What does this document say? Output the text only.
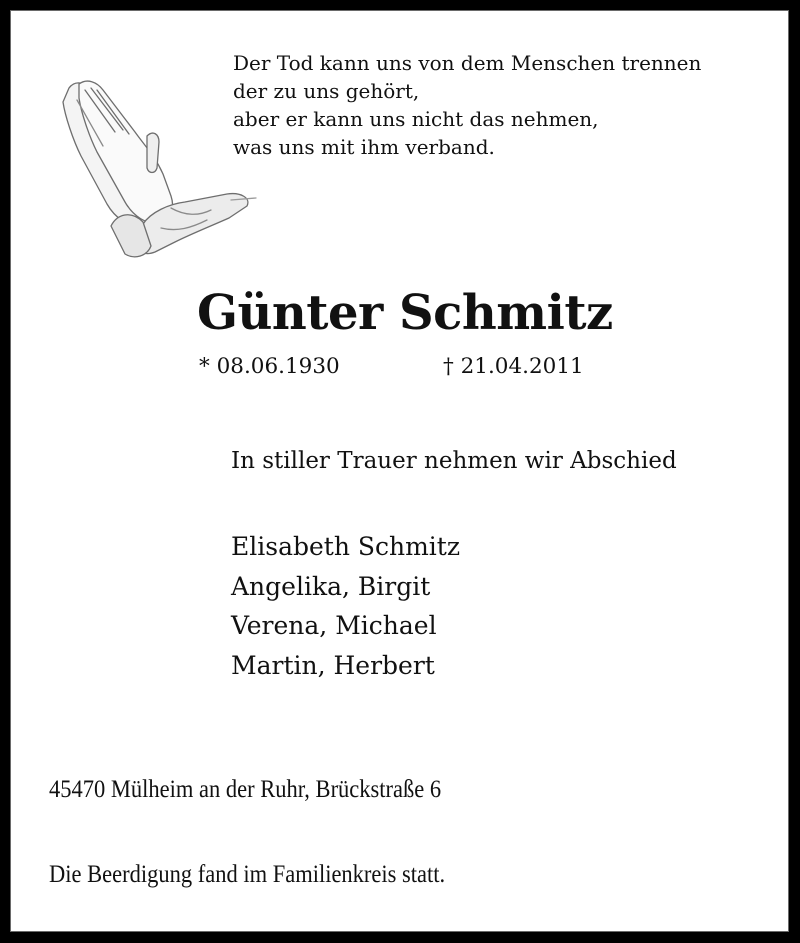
Der Tod kann uns von dem Menschen trennen
der zu uns gehört,
aber er kann uns nicht das nehmen,
was uns mit ihm verband.
Günter Schmitz
* 08.06.1930	† 21.04.2011
In stiller Trauer nehmen wir Abschied
Elisabeth Schmitz
Angelika, Birgit
Verena, Michael
Martin, Herbert
45470 Mülheim an der Ruhr, Brückstraße 6
Die Beerdigung fand im Familienkreis statt.
